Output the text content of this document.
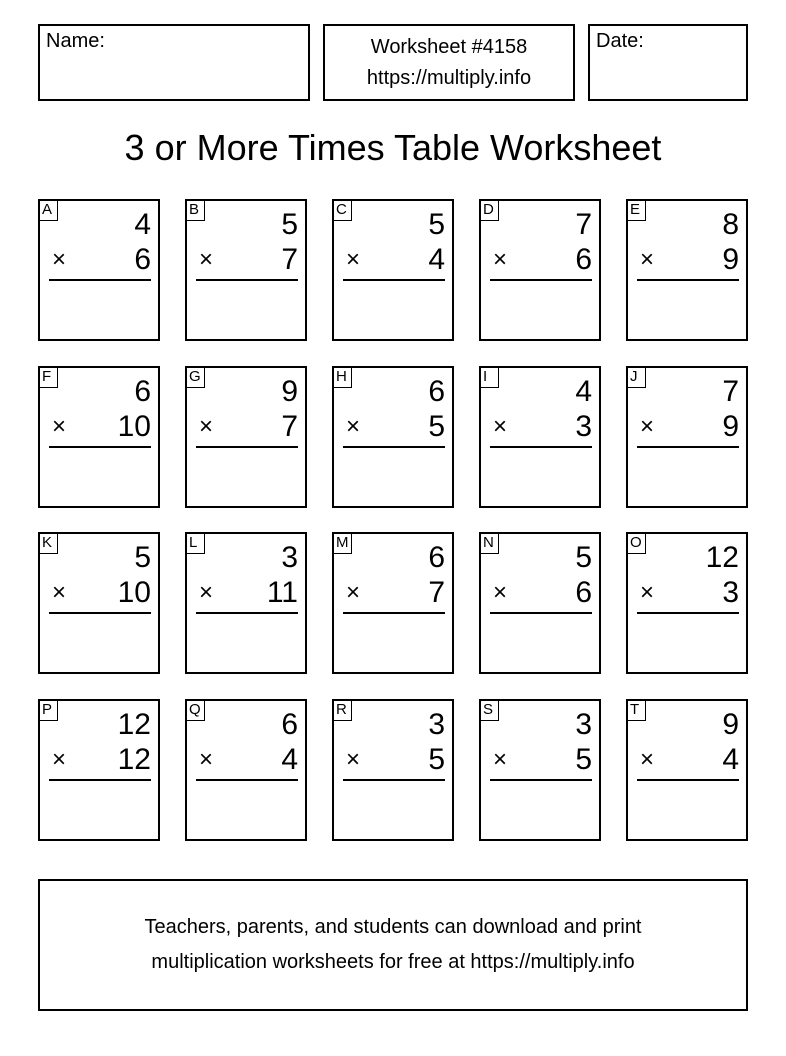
Name:	Worksheet #4158
https://multiply.info
Date:
3 or More Times Table Worksheet
A	4
× 6
B	5
× 7
C	5
× 4
D	7
× 6
E	8
× 9
F	6
× 10
G	9
× 7
H	6
× 5
I	4
× 3
J	7
× 9
K	5
× 10
L	3
× 11
M	6
× 7
N	5
× 6
O 12
× 3
P 12
× 12
Q	6
× 4
R	3
× 5
S	3
× 5
T	9
× 4
Teachers, parents, and students can download and print
multiplication worksheets for free at https://multiply.info
